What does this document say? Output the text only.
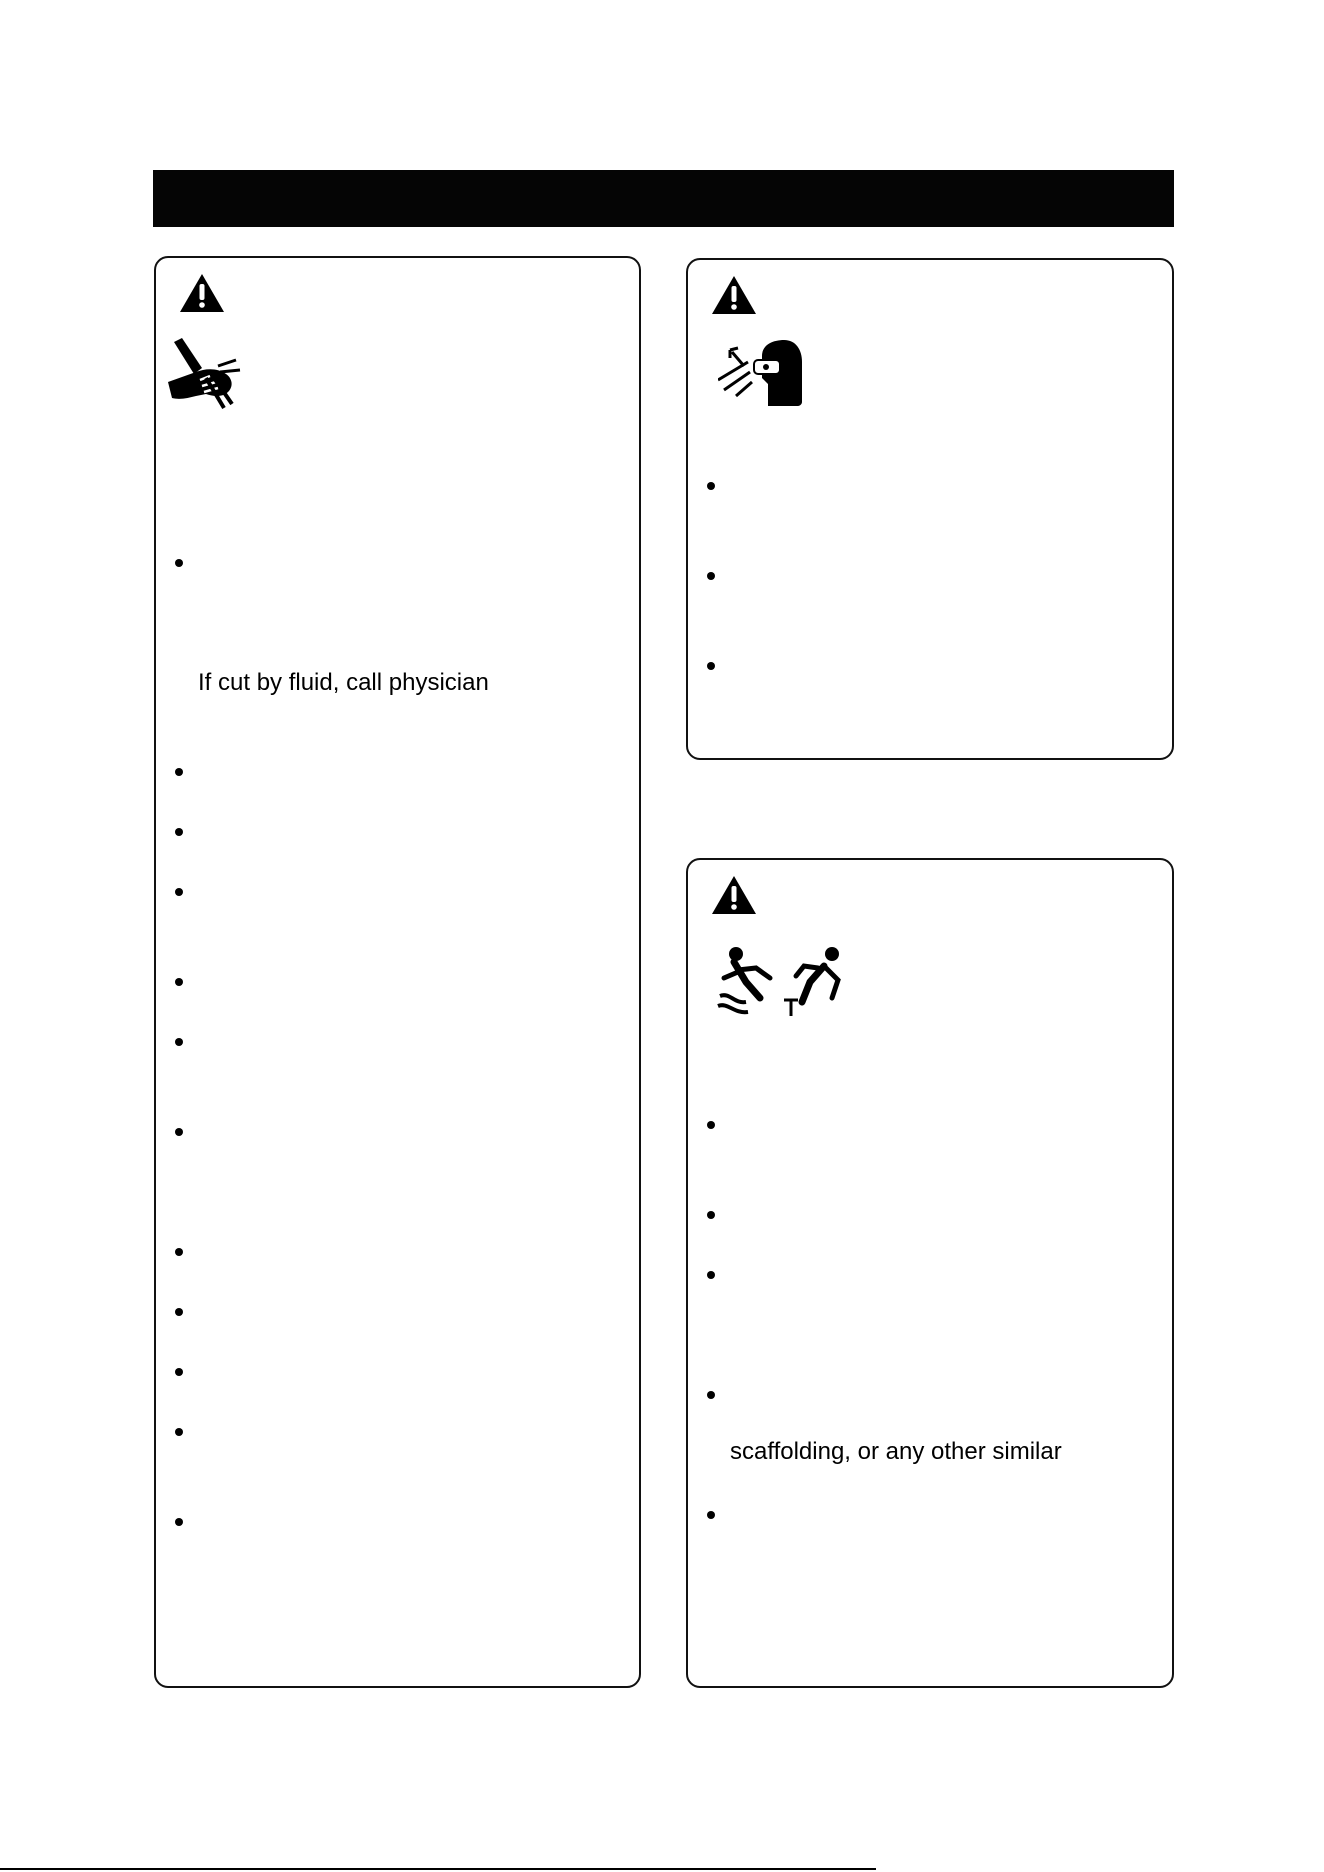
If cut by fluid, call physician
scaffolding, or any other similar
